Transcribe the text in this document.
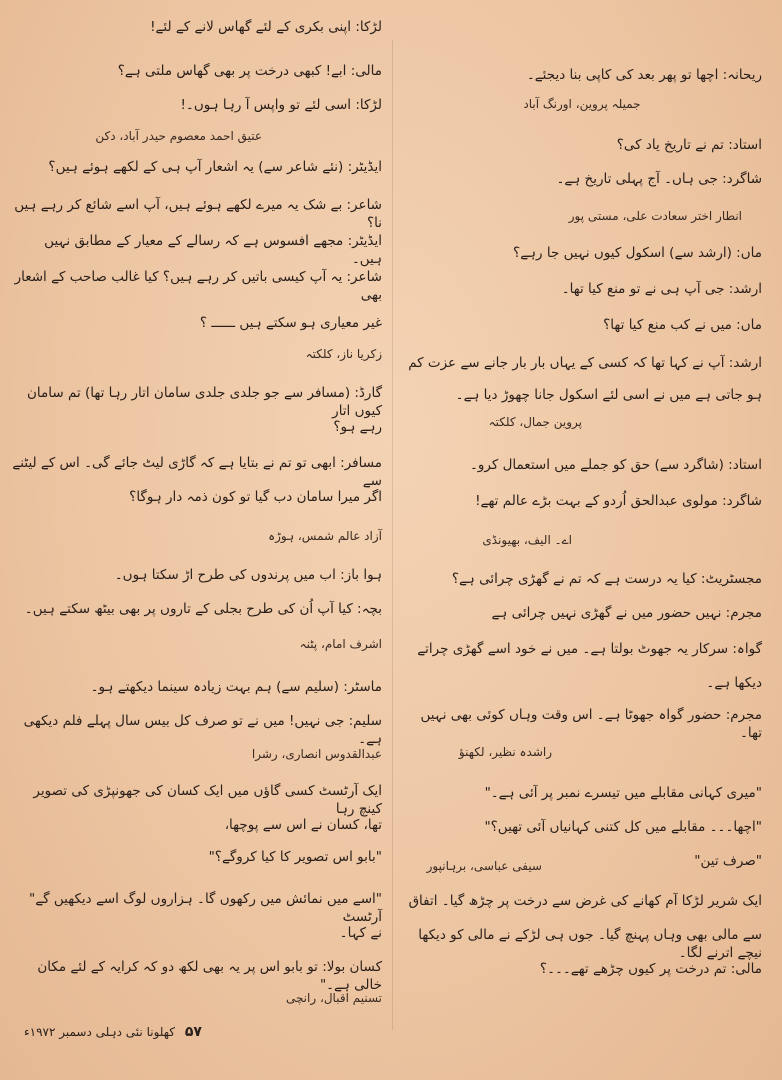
ریحانہ: اچھا تو پھر بعد کی کاپی بنا دیجئے۔

جمیلہ پروین، اورنگ آباد

استاد: تم نے تاریخ یاد کی؟

شاگرد: جی ہاں۔ آج پہلی تاریخ ہے۔

انطار اختر سعادت علی، مستی پور

ماں: (ارشد سے) اسکول کیوں نہیں جا رہے؟

ارشد: جی آپ ہی نے تو منع کیا تھا۔

ماں: میں نے کب منع کیا تھا؟

ارشد: آپ نے کہا تھا کہ کسی کے یہاں بار بار جانے سے عزت کم

ہو جاتی ہے میں نے اسی لئے اسکول جانا چھوڑ دیا ہے۔

پروین جمال، کلکتہ

استاد: (شاگرد سے) حق کو جملے میں استعمال کرو۔

شاگرد: مولوی عبدالحق اُردو کے بہت بڑے عالم تھے!

اے۔ الیف، بھیونڈی

مجسٹریٹ: کیا یہ درست ہے کہ تم نے گھڑی چرائی ہے؟

مجرم: نہیں حضور میں نے گھڑی نہیں چرائی ہے

گواہ: سرکار یہ جھوٹ بولتا ہے۔ میں نے خود اسے گھڑی چراتے

دیکھا ہے۔

مجرم: حضور گواہ جھوٹا ہے۔ اس وقت وہاں کوئی بھی نہیں تھا۔

راشدہ نظیر، لکھنؤ

"میری کہانی مقابلے میں تیسرے نمبر پر آئی ہے۔"

"اچھا۔۔۔ مقابلے میں کل کتنی کہانیاں آئی تھیں؟"

"صرف تین"

سیفی عباسی، برہانپور

ایک شریر لڑکا آم کھانے کی غرض سے درخت پر چڑھ گیا۔ اتفاق

سے مالی بھی وہاں پہنچ گیا۔ جوں ہی لڑکے نے مالی کو دیکھا نیچے اترنے لگا۔

مالی: تم درخت پر کیوں چڑھے تھے۔۔۔؟

لڑکا: اپنی بکری کے لئے گھاس لانے کے لئے!

مالی: ابے! کبھی درخت پر بھی گھاس ملتی ہے؟

لڑکا: اسی لئے تو واپس آ رہا ہوں۔!

عتیق احمد معصوم حیدر آباد، دکن

ایڈیٹر: (نئے شاعر سے) یہ اشعار آپ ہی کے لکھے ہوئے ہیں؟

شاعر: بے شک یہ میرے لکھے ہوئے ہیں، آپ اسے شائع کر رہے ہیں نا؟

ایڈیٹر: مجھے افسوس ہے کہ رسالے کے معیار کے مطابق نہیں ہیں۔

شاعر: یہ آپ کیسی باتیں کر رہے ہیں؟ کیا غالب صاحب کے اشعار بھی

غیر معیاری ہو سکتے ہیں ــــــ ؟

زکریا ناز، کلکتہ

گارڈ: (مسافر سے جو جلدی جلدی سامان اتار رہا تھا) تم سامان کیوں اتار

رہے ہو؟

مسافر: ابھی تو تم نے بتایا ہے کہ گاڑی لیٹ جائے گی۔ اس کے لیٹنے سے

اگر میرا سامان دب گیا تو کون ذمہ دار ہوگا؟

آزاد عالم شمس، ہوڑہ

ہوا باز: اب میں پرندوں کی طرح اڑ سکتا ہوں۔

بچہ: کیا آپ اُن کی طرح بجلی کے تاروں پر بھی بیٹھ سکتے ہیں۔

اشرف امام، پٹنہ

ماسٹر: (سلیم سے) ہم بہت زیادہ سینما دیکھتے ہو۔

سلیم: جی نہیں! میں نے تو صرف کل بیس سال پہلے فلم دیکھی ہے۔

عبدالقدوس انصاری، رشرا

ایک آرٹسٹ کسی گاؤں میں ایک کسان کی جھونپڑی کی تصویر کینچ رہا

تھا، کسان نے اس سے پوچھا،

"بابو اس تصویر کا کیا کروگے؟"

"اسے میں نمائش میں رکھوں گا۔ ہزاروں لوگ اسے دیکھیں گے" آرٹسٹ

نے کہا۔

کسان بولا: تو بابو اس پر یہ بھی لکھ دو کہ کرایہ کے لئے مکان خالی ہے۔"

تسنیم اقبال، رانچی

۵۷ کھلونا نئی دہلی دسمبر ۱۹۷۲ء
